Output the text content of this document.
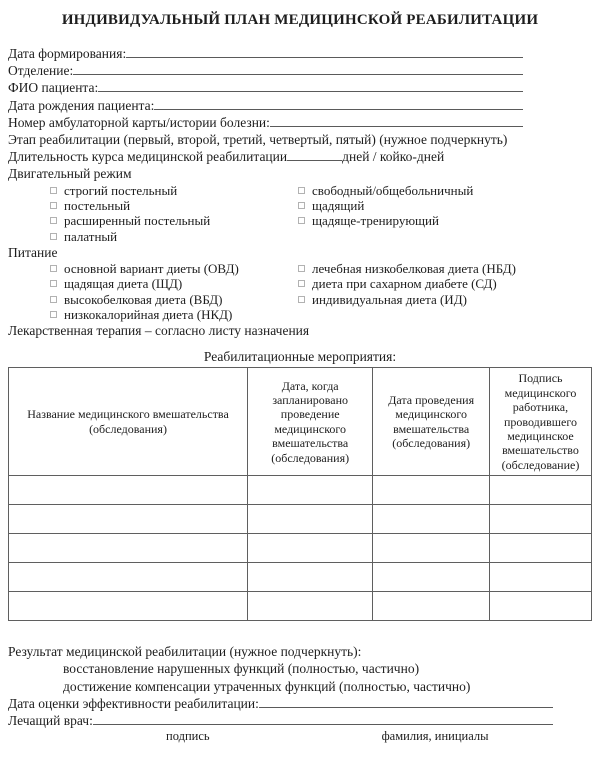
ИНДИВИДУАЛЬНЫЙ ПЛАН МЕДИЦИНСКОЙ РЕАБИЛИТАЦИИ
Дата формирования:
Отделение:
ФИО пациента:
Дата рождения пациента:
Номер амбулаторной карты/истории болезни:
Этап реабилитации (первый, второй, третий, четвертый, пятый) (нужное подчеркнуть)
Длительность курса медицинской реабилитации	дней / койко-дней
Двигательный режим
строгий постельный
постельный
расширенный постельный
палатный
свободный/общебольничный
щадящий
щадяще-тренирующий
Питание
основной вариант диеты (ОВД)
щадящая диета (ЩД)
высокобелковая диета (ВБД)
низкокалорийная диета (НКД)
лечебная низкобелковая диета (НБД)
диета при сахарном диабете (СД)
индивидуальная диета (ИД)
Лекарственная терапия – согласно листу назначения
Реабилитационные мероприятия:
Название медицинского вмешательства (обследования)	Дата, когда запланировано проведение медицинского вмешательства (обследования)	Дата проведения медицинского вмешательства (обследования)	Подпись медицинского работника, проводившего медицинское вмешательство (обследование)

Результат медицинской реабилитации (нужное подчеркнуть):
восстановление нарушенных функций (полностью, частично)
достижение компенсации утраченных функций (полностью, частично)
Дата оценки эффективности реабилитации:
Лечащий врач:
подпись	фамилия, инициалы
